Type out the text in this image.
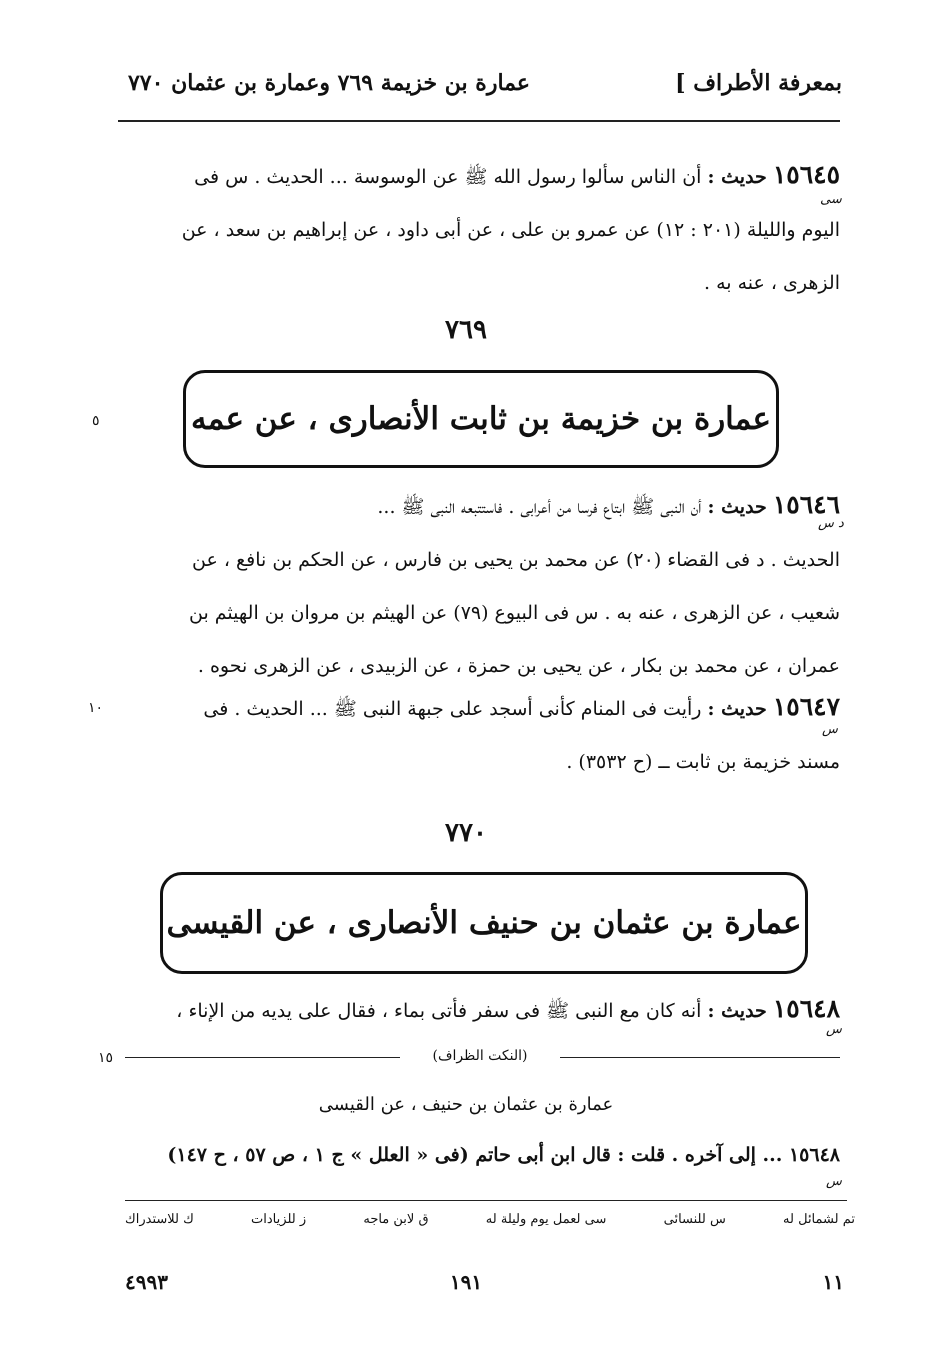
بمعرفة الأطراف ]
عمارة بن خزيمة ٧٦٩ وعمارة بن عثمان ٧٧٠
١٥٦٤٥ حديث : أن الناس سألوا رسول الله ﷺ عن الوسوسة ... الحديث . س فى
اليوم والليلة (٢٠١ : ١٢) عن عمرو بن على ، عن أبى داود ، عن إبراهيم بن سعد ، عن
الزهرى ، عنه به .
سى
٧٦٩
عمارة بن خزيمة بن ثابت الأنصارى ، عن عمه
٥
١٥٦٤٦ حديث : أن النبى ﷺ ابتاع فرسا من أعرابى . فاستتبعه النبى ﷺ ...
الحديث . د فى القضاء (٢٠) عن محمد بن يحيى بن فارس ، عن الحكم بن نافع ، عن
شعيب ، عن الزهرى ، عنه به . س فى البيوع (٧٩) عن الهيثم بن مروان بن الهيثم بن
عمران ، عن محمد بن بكار ، عن يحيى بن حمزة ، عن الزبيدى ، عن الزهرى نحوه .
د س
١٥٦٤٧ حديث : رأيت فى المنام كأنى أسجد على جبهة النبى ﷺ ... الحديث . فى
مسند خزيمة بن ثابت ــ (ح ٣٥٣٢) .
س
١٠
٧٧٠
عمارة بن عثمان بن حنيف الأنصارى ، عن القيسى
١٥٦٤٨ حديث : أنه كان مع النبى ﷺ فى سفر فأتى بماء ، فقال على يديه من الإناء ،
س
(النكت الظراف)
١٥
عمارة بن عثمان بن حنيف ، عن القيسى
١٥٦٤٨ ... إلى آخره . قلت : قال ابن أبى حاتم (فى « العلل » ج ١ ، ص ٥٧ ، ح ١٤٧)
س
تم لشمائل له
س للنسائى
سى لعمل يوم وليلة له
ق لابن ماجه
ز للزيادات
ك للاستدراك
٤٩٩٣	١٩١	١١
